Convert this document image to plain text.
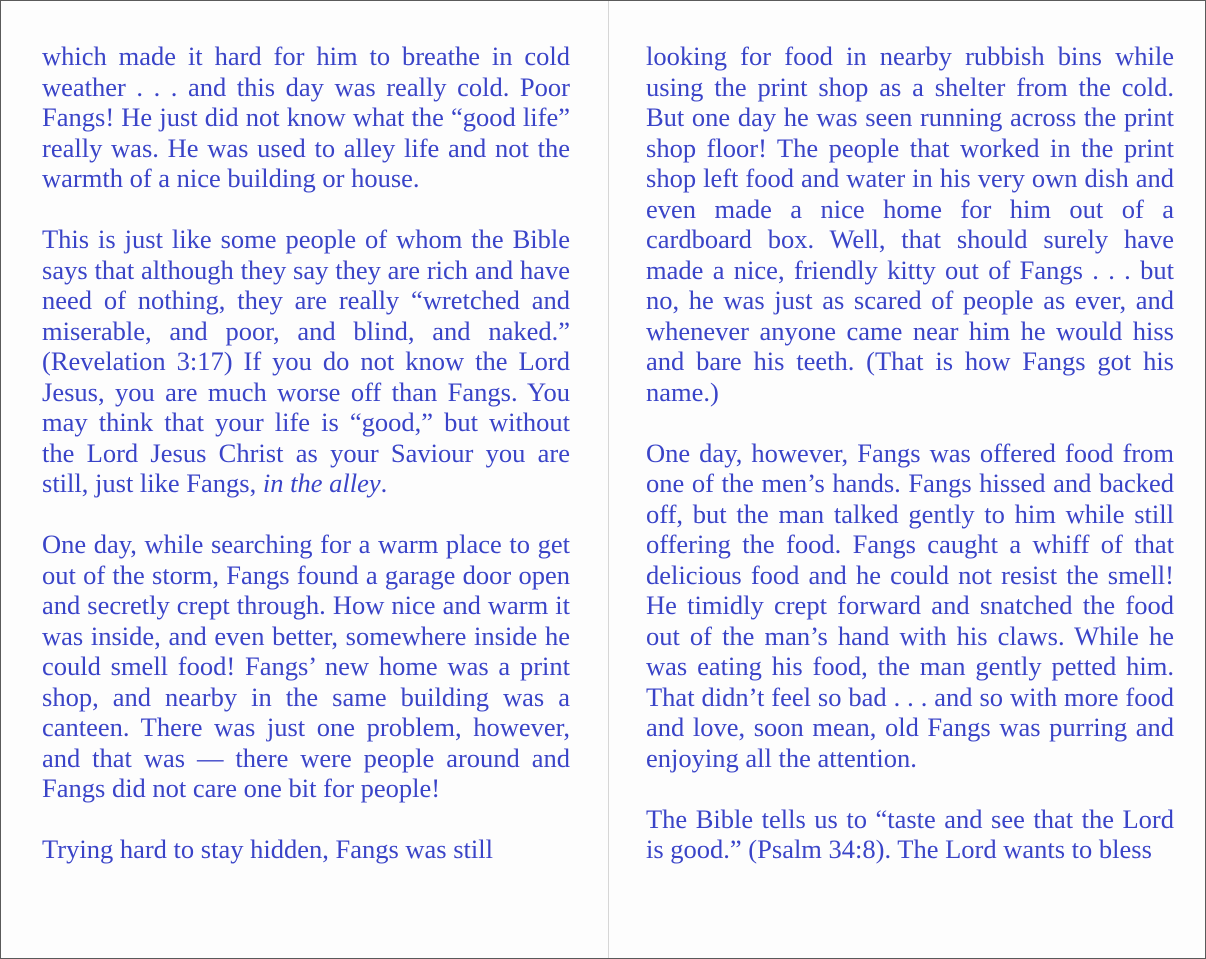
which made it hard for him to breathe in cold weather . . . and this day was really cold. Poor Fangs! He just did not know what the “good life” really was. He was used to alley life and not the warmth of a nice building or house.

This is just like some people of whom the Bible says that although they say they are rich and have need of nothing, they are really “wretched and miserable, and poor, and blind, and naked.” (Revelation 3:17) If you do not know the Lord Jesus, you are much worse off than Fangs. You may think that your life is “good,” but without the Lord Jesus Christ as your Saviour you are still, just like Fangs, in the alley.

One day, while searching for a warm place to get out of the storm, Fangs found a garage door open and secretly crept through. How nice and warm it was inside, and even better, somewhere inside he could smell food! Fangs’ new home was a print shop, and nearby in the same building was a canteen. There was just one problem, however, and that was — there were people around and Fangs did not care one bit for people!

Trying hard to stay hidden, Fangs was still

looking for food in nearby rubbish bins while using the print shop as a shelter from the cold. But one day he was seen running across the print shop floor! The people that worked in the print shop left food and water in his very own dish and even made a nice home for him out of a cardboard box. Well, that should surely have made a nice, friendly kitty out of Fangs . . . but no, he was just as scared of people as ever, and whenever anyone came near him he would hiss and bare his teeth. (That is how Fangs got his name.)

One day, however, Fangs was offered food from one of the men’s hands. Fangs hissed and backed off, but the man talked gently to him while still offering the food. Fangs caught a whiff of that delicious food and he could not resist the smell! He timidly crept forward and snatched the food out of the man’s hand with his claws. While he was eating his food, the man gently petted him. That didn’t feel so bad . . . and so with more food and love, soon mean, old Fangs was purring and enjoying all the attention.

The Bible tells us to “taste and see that the Lord is good.” (Psalm 34:8). The Lord wants to bless
